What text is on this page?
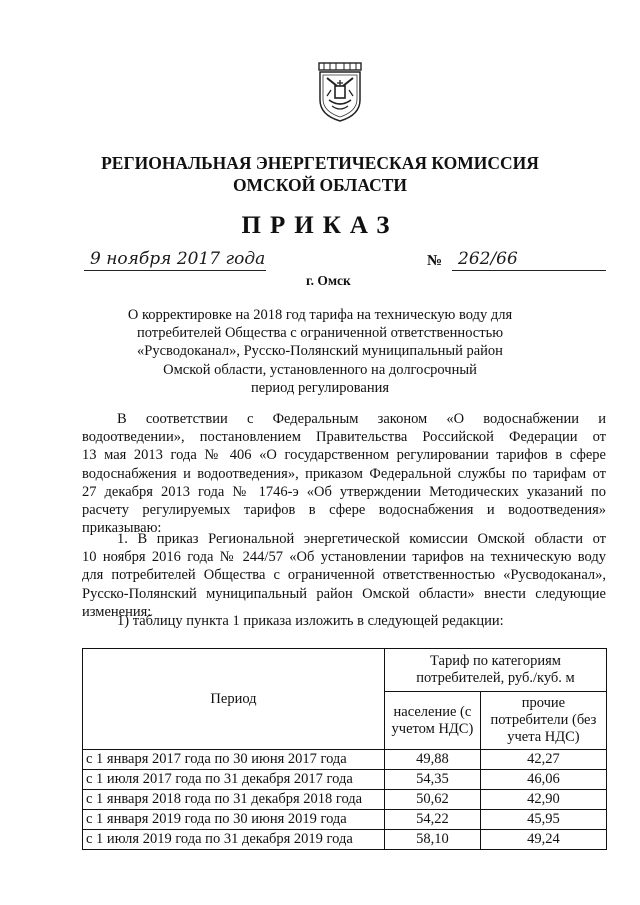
РЕГИОНАЛЬНАЯ ЭНЕРГЕТИЧЕСКАЯ КОМИССИЯ
ОМСКОЙ ОБЛАСТИ
ПРИКАЗ
9 ноября 2017 года
г. Омск
№ 262/66
О корректировке на 2018 год тарифа на техническую воду для
потребителей Общества с ограниченной ответственностью
«Русводоканал», Русско-Полянский муниципальный район
Омской области, установленного на долгосрочный
период регулирования
В соответствии с Федеральным законом «О водоснабжении и
водоотведении», постановлением Правительства Российской Федерации от
13 мая 2013 года № 406 «О государственном регулировании тарифов в сфере
водоснабжения и водоотведения», приказом Федеральной службы по тарифам от
27 декабря 2013 года № 1746-э «Об утверждении Методических указаний по
расчету регулируемых тарифов в сфере водоснабжения и водоотведения»
приказываю:
1. В приказ Региональной энергетической комиссии Омской области от
10 ноября 2016 года № 244/57 «Об установлении тарифов на техническую воду
для потребителей Общества с ограниченной ответственностью «Русводоканал»,
Русско-Полянский муниципальный район Омской области» внести следующие
изменения:
1) таблицу пункта 1 приказа изложить в следующей редакции:
Период	Тариф по категориям потребителей, руб./куб. м	
	население (с учетом НДС)	прочие потребители (без учета НДС)
с 1 января 2017 года по 30 июня 2017 года	49,88	42,27
с 1 июля 2017 года по 31 декабря 2017 года	54,35	46,06
с 1 января 2018 года по 31 декабря 2018 года	50,62	42,90
с 1 января 2019 года по 30 июня 2019 года	54,22	45,95
с 1 июля 2019 года по 31 декабря 2019 года	58,10	49,24
